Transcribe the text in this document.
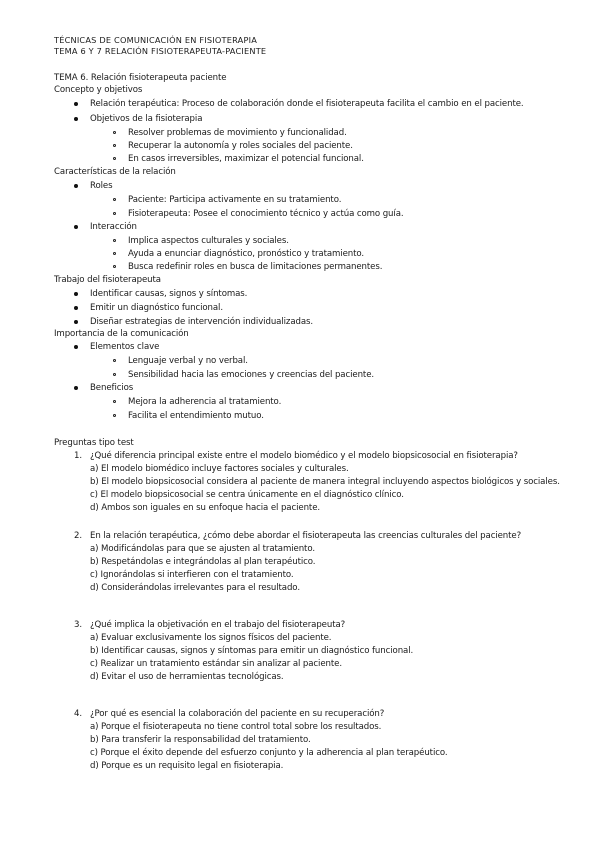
TÉCNICAS DE COMUNICACIÓN EN FISIOTERAPIA
TEMA 6 Y 7 RELACIÓN FISIOTERAPEUTA-PACIENTE
TEMA 6. Relación fisioterapeuta paciente
Concepto y objetivos
Relación terapéutica: Proceso de colaboración donde el fisioterapeuta facilita el cambio en el paciente.
Objetivos de la fisioterapia
Resolver problemas de movimiento y funcionalidad.
Recuperar la autonomía y roles sociales del paciente.
En casos irreversibles, maximizar el potencial funcional.
Características de la relación
Roles
Paciente: Participa activamente en su tratamiento.
Fisioterapeuta: Posee el conocimiento técnico y actúa como guía.
Interacción
Implica aspectos culturales y sociales.
Ayuda a enunciar diagnóstico, pronóstico y tratamiento.
Busca redefinir roles en busca de limitaciones permanentes.
Trabajo del fisioterapeuta
Identificar causas, signos y síntomas.
Emitir un diagnóstico funcional.
Diseñar estrategias de intervención individualizadas.
Importancia de la comunicación
Elementos clave
Lenguaje verbal y no verbal.
Sensibilidad hacia las emociones y creencias del paciente.
Beneficios
Mejora la adherencia al tratamiento.
Facilita el entendimiento mutuo.
Preguntas tipo test
1. ¿Qué diferencia principal existe entre el modelo biomédico y el modelo biopsicosocial en fisioterapia?
a) El modelo biomédico incluye factores sociales y culturales.
b) El modelo biopsicosocial considera al paciente de manera integral incluyendo aspectos biológicos y sociales.
c) El modelo biopsicosocial se centra únicamente en el diagnóstico clínico.
d) Ambos son iguales en su enfoque hacia el paciente.
2. En la relación terapéutica, ¿cómo debe abordar el fisioterapeuta las creencias culturales del paciente?
a) Modificándolas para que se ajusten al tratamiento.
b) Respetándolas e integrándolas al plan terapéutico.
c) Ignorándolas si interfieren con el tratamiento.
d) Considerándolas irrelevantes para el resultado.
3. ¿Qué implica la objetivación en el trabajo del fisioterapeuta?
a) Evaluar exclusivamente los signos físicos del paciente.
b) Identificar causas, signos y síntomas para emitir un diagnóstico funcional.
c) Realizar un tratamiento estándar sin analizar al paciente.
d) Evitar el uso de herramientas tecnológicas.
4. ¿Por qué es esencial la colaboración del paciente en su recuperación?
a) Porque el fisioterapeuta no tiene control total sobre los resultados.
b) Para transferir la responsabilidad del tratamiento.
c) Porque el éxito depende del esfuerzo conjunto y la adherencia al plan terapéutico.
d) Porque es un requisito legal en fisioterapia.
